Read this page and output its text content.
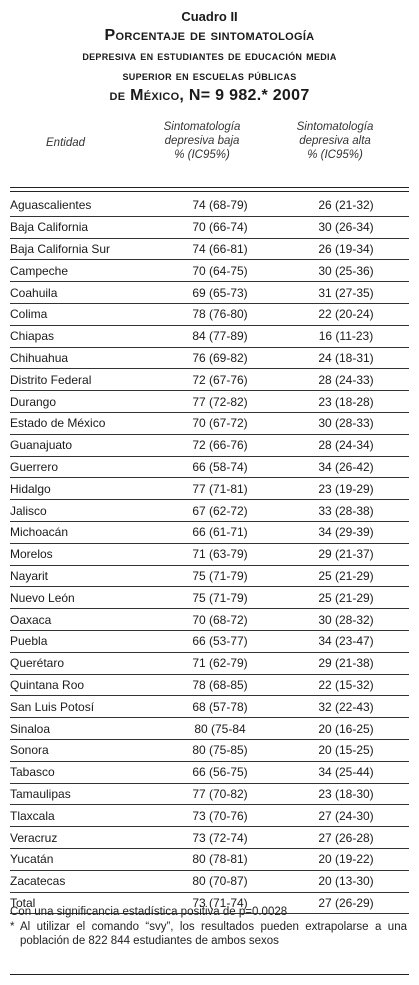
Cuadro II
Porcentaje de sintomatología
depresiva en estudiantes de educación media
superior en escuelas públicas
de México, N= 9 982.* 2007
Entidad
Sintomatología
depresiva baja
% (IC95%)
Sintomatología
depresiva alta
% (IC95%)
Aguascalientes	74 (68-79)	26 (21-32)
Baja California	70 (66-74)	30 (26-34)
Baja California Sur	74 (66-81)	26 (19-34)
Campeche	70 (64-75)	30 (25-36)
Coahuila	69 (65-73)	31 (27-35)
Colima	78 (76-80)	22 (20-24)
Chiapas	84 (77-89)	16 (11-23)
Chihuahua	76 (69-82)	24 (18-31)
Distrito Federal	72 (67-76)	28 (24-33)
Durango	77 (72-82)	23 (18-28)
Estado de México	70 (67-72)	30 (28-33)
Guanajuato	72 (66-76)	28 (24-34)
Guerrero	66 (58-74)	34 (26-42)
Hidalgo	77 (71-81)	23 (19-29)
Jalisco	67 (62-72)	33 (28-38)
Michoacán	66 (61-71)	34 (29-39)
Morelos	71 (63-79)	29 (21-37)
Nayarit	75 (71-79)	25 (21-29)
Nuevo León	75 (71-79)	25 (21-29)
Oaxaca	70 (68-72)	30 (28-32)
Puebla	66 (53-77)	34 (23-47)
Querétaro	71 (62-79)	29 (21-38)
Quintana Roo	78 (68-85)	22 (15-32)
San Luis Potosí	68 (57-78)	32 (22-43)
Sinaloa	80 (75-84	20 (16-25)
Sonora	80 (75-85)	20 (15-25)
Tabasco	66 (56-75)	34 (25-44)
Tamaulipas	77 (70-82)	23 (18-30)
Tlaxcala	73 (70-76)	27 (24-30)
Veracruz	73 (72-74)	27 (26-28)
Yucatán	80 (78-81)	20 (19-22)
Zacatecas	80 (70-87)	20 (13-30)
Total	73 (71-74)	27 (26-29)
Con una significancia estadística positiva de p=0.0028
* Al utilizar el comando “svy”, los resultados pueden extrapolarse a una población de 822 844 estudiantes de ambos sexos
